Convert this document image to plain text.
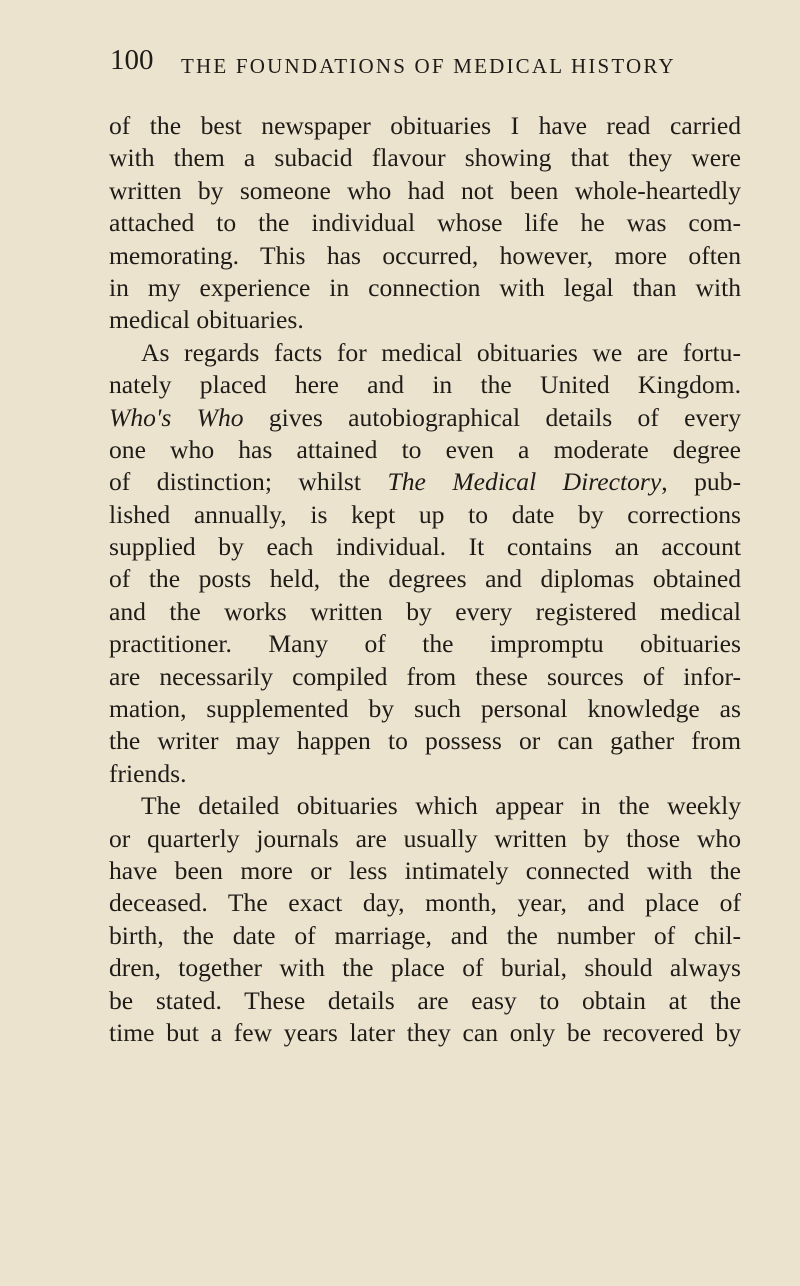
100 THE FOUNDATIONS OF MEDICAL HISTORY
of the best newspaper obituaries I have read carried
with them a subacid flavour showing that they were
written by someone who had not been whole-heartedly
attached to the individual whose life he was com-
memorating. This has occurred, however, more often
in my experience in connection with legal than with
medical obituaries.
As regards facts for medical obituaries we are fortu-
nately placed here and in the United Kingdom.
Who's Who gives autobiographical details of every
one who has attained to even a moderate degree
of distinction; whilst The Medical Directory, pub-
lished annually, is kept up to date by corrections
supplied by each individual. It contains an account
of the posts held, the degrees and diplomas obtained
and the works written by every registered medical
practitioner. Many of the impromptu obituaries
are necessarily compiled from these sources of infor-
mation, supplemented by such personal knowledge as
the writer may happen to possess or can gather from
friends.
The detailed obituaries which appear in the weekly
or quarterly journals are usually written by those who
have been more or less intimately connected with the
deceased. The exact day, month, year, and place of
birth, the date of marriage, and the number of chil-
dren, together with the place of burial, should always
be stated. These details are easy to obtain at the
time but a few years later they can only be recovered by
